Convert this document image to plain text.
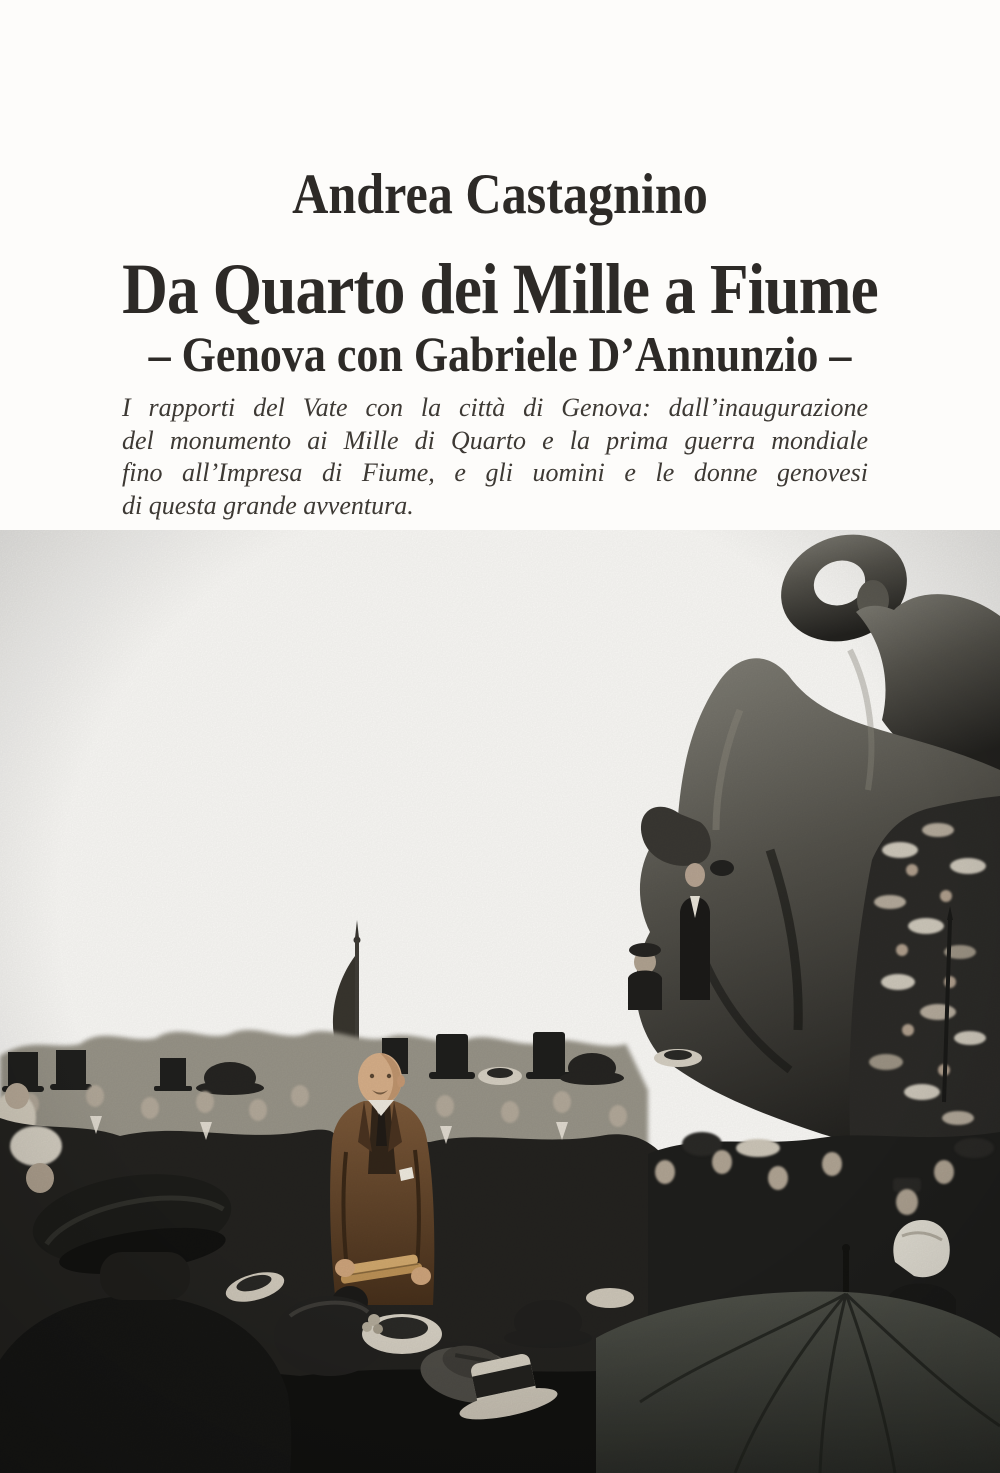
Andrea Castagnino
Da Quarto dei Mille a Fiume
– Genova con Gabriele D’Annunzio –
I rapporti del Vate con la città di Genova: dall’inaugurazione
del monumento ai Mille di Quarto e la prima guerra mondiale
fino all’Impresa di Fiume, e gli uomini e le donne genovesi
di questa grande avventura.
